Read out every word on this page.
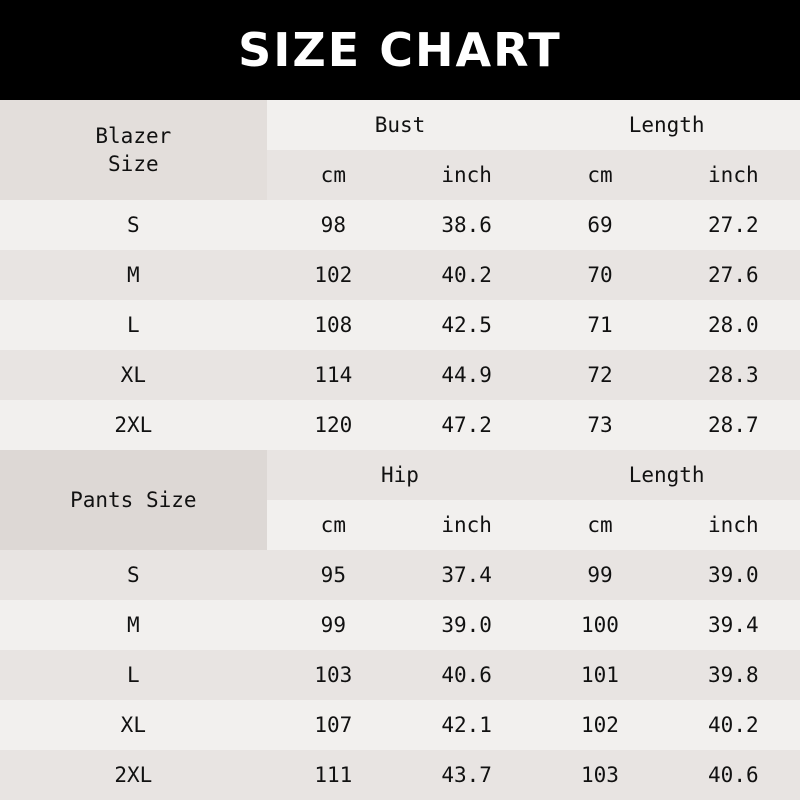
SIZE CHART
Blazer
Size	Bust		Length	
	cm	inch	cm	inch
S	98	38.6	69	27.2
M	102	40.2	70	27.6
L	108	42.5	71	28.0
XL	114	44.9	72	28.3
2XL	120	47.2	73	28.7

Pants Size	Hip		Length	
	cm	inch	cm	inch
S	95	37.4	99	39.0
M	99	39.0	100	39.4
L	103	40.6	101	39.8
XL	107	42.1	102	40.2
2XL	111	43.7	103	40.6
